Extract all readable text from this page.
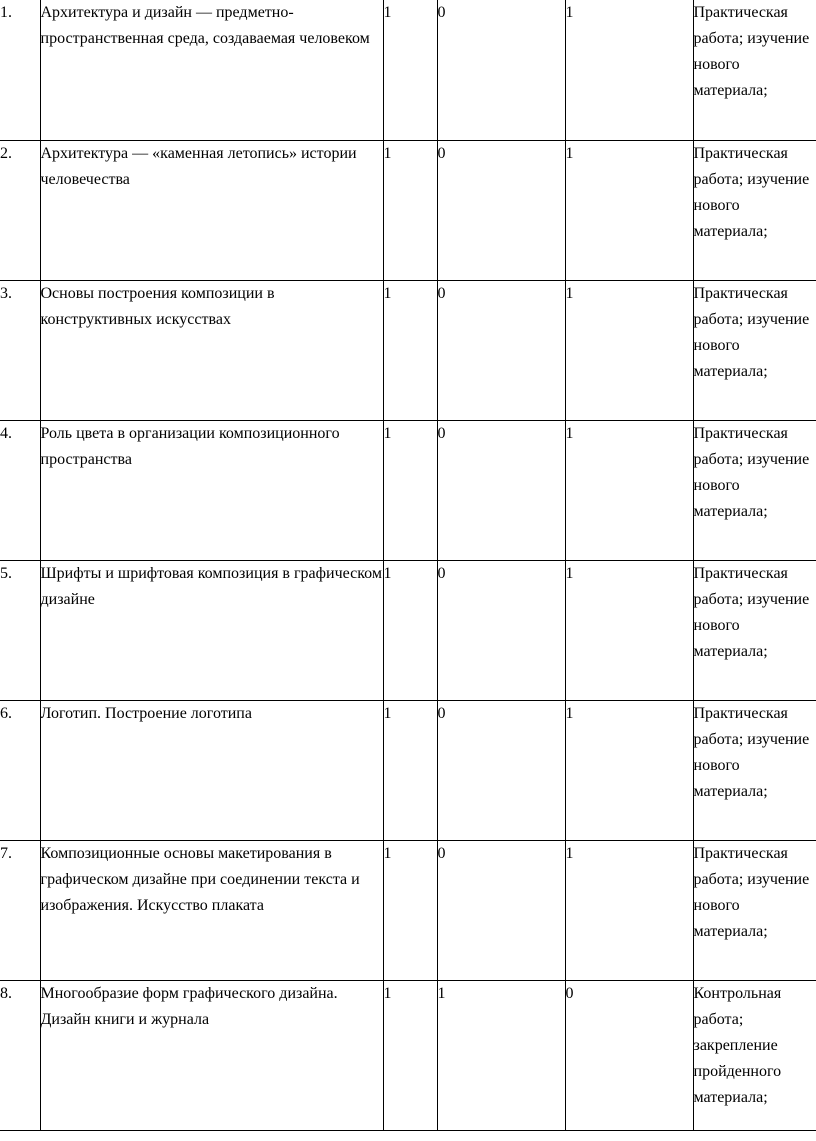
1.	Архитектура и дизайн — предметно-пространственная среда, создаваемая человеком	1	0	1	Практическая работа; изучение нового материала;
2.	Архитектура — «каменная летопись» истории человечества	1	0	1	Практическая работа; изучение нового материала;
3.	Основы построения композиции в конструктивных искусствах	1	0	1	Практическая работа; изучение нового материала;
4.	Роль цвета в организации композиционного пространства	1	0	1	Практическая работа; изучение нового материала;
5.	Шрифты и шрифтовая композиция в графическом дизайне	1	0	1	Практическая работа; изучение нового материала;
6.	Логотип. Построение логотипа	1	0	1	Практическая работа; изучение нового материала;
7.	Композиционные основы макетирования в графическом дизайне при соединении текста и изображения. Искусство плаката	1	0	1	Практическая работа; изучение нового материала;
8.	Многообразие форм графического дизайна. Дизайн книги и журнала	1	1	0	Контрольная работа; закрепление пройденного материала;
